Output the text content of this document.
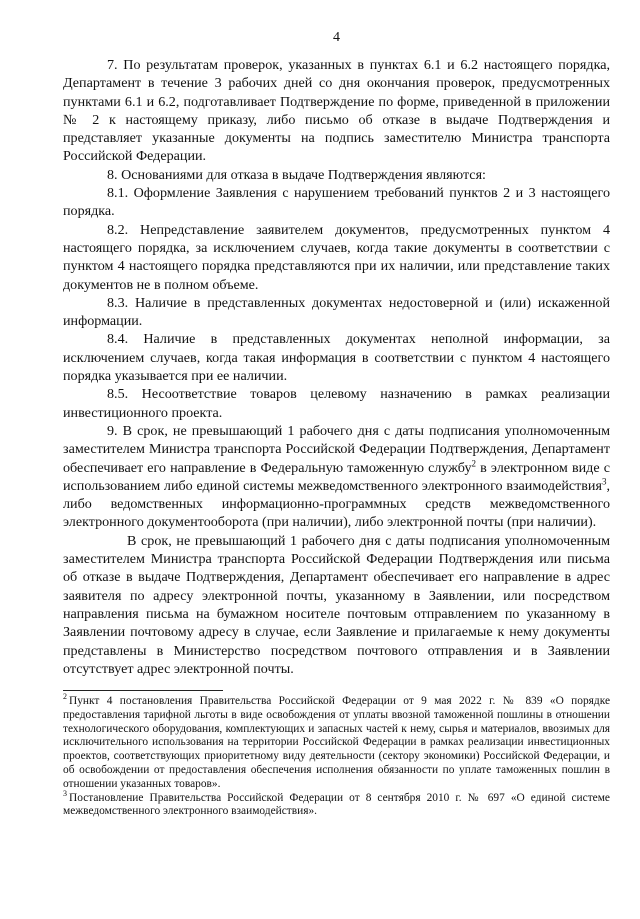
4

7. По результатам проверок, указанных в пунктах 6.1 и 6.2 настоящего порядка, Департамент в течение 3 рабочих дней со дня окончания проверок, предусмотренных пунктами 6.1 и 6.2, подготавливает Подтверждение по форме, приведенной в приложении № 2 к настоящему приказу, либо письмо об отказе в выдаче Подтверждения и представляет указанные документы на подпись заместителю Министра транспорта Российской Федерации.

8. Основаниями для отказа в выдаче Подтверждения являются:

8.1. Оформление Заявления с нарушением требований пунктов 2 и 3 настоящего порядка.

8.2. Непредставление заявителем документов, предусмотренных пунктом 4 настоящего порядка, за исключением случаев, когда такие документы в соответствии с пунктом 4 настоящего порядка представляются при их наличии, или представление таких документов не в полном объеме.

8.3. Наличие в представленных документах недостоверной и (или) искаженной информации.

8.4. Наличие в представленных документах неполной информации, за исключением случаев, когда такая информация в соответствии с пунктом 4 настоящего порядка указывается при ее наличии.

8.5. Несоответствие товаров целевому назначению в рамках реализации инвестиционного проекта.

9. В срок, не превышающий 1 рабочего дня с даты подписания уполномоченным заместителем Министра транспорта Российской Федерации Подтверждения, Департамент обеспечивает его направление в Федеральную таможенную службу$^2$ в электронном виде с использованием либо единой системы межведомственного электронного взаимодействия$^3$, либо ведомственных информационно-программных средств межведомственного электронного документооборота (при наличии), либо электронной почты (при наличии).

В срок, не превышающий 1 рабочего дня с даты подписания уполномоченным заместителем Министра транспорта Российской Федерации Подтверждения или письма об отказе в выдаче Подтверждения, Департамент обеспечивает его направление в адрес заявителя по адресу электронной почты, указанному в Заявлении, или посредством направления письма на бумажном носителе почтовым отправлением по указанному в Заявлении почтовому адресу в случае, если Заявление и прилагаемые к нему документы представлены в Министерство посредством почтового отправления и в Заявлении отсутствует адрес электронной почты.

$^2$ Пункт 4 постановления Правительства Российской Федерации от 9 мая 2022 г. № 839 «О порядке предоставления тарифной льготы в виде освобождения от уплаты ввозной таможенной пошлины в отношении технологического оборудования, комплектующих и запасных частей к нему, сырья и материалов, ввозимых для исключительного использования на территории Российской Федерации в рамках реализации инвестиционных проектов, соответствующих приоритетному виду деятельности (сектору экономики) Российской Федерации, и об освобождении от предоставления обеспечения исполнения обязанности по уплате таможенных пошлин в отношении указанных товаров».

$^3$ Постановление Правительства Российской Федерации от 8 сентября 2010 г. № 697 «О единой системе межведомственного электронного взаимодействия».
